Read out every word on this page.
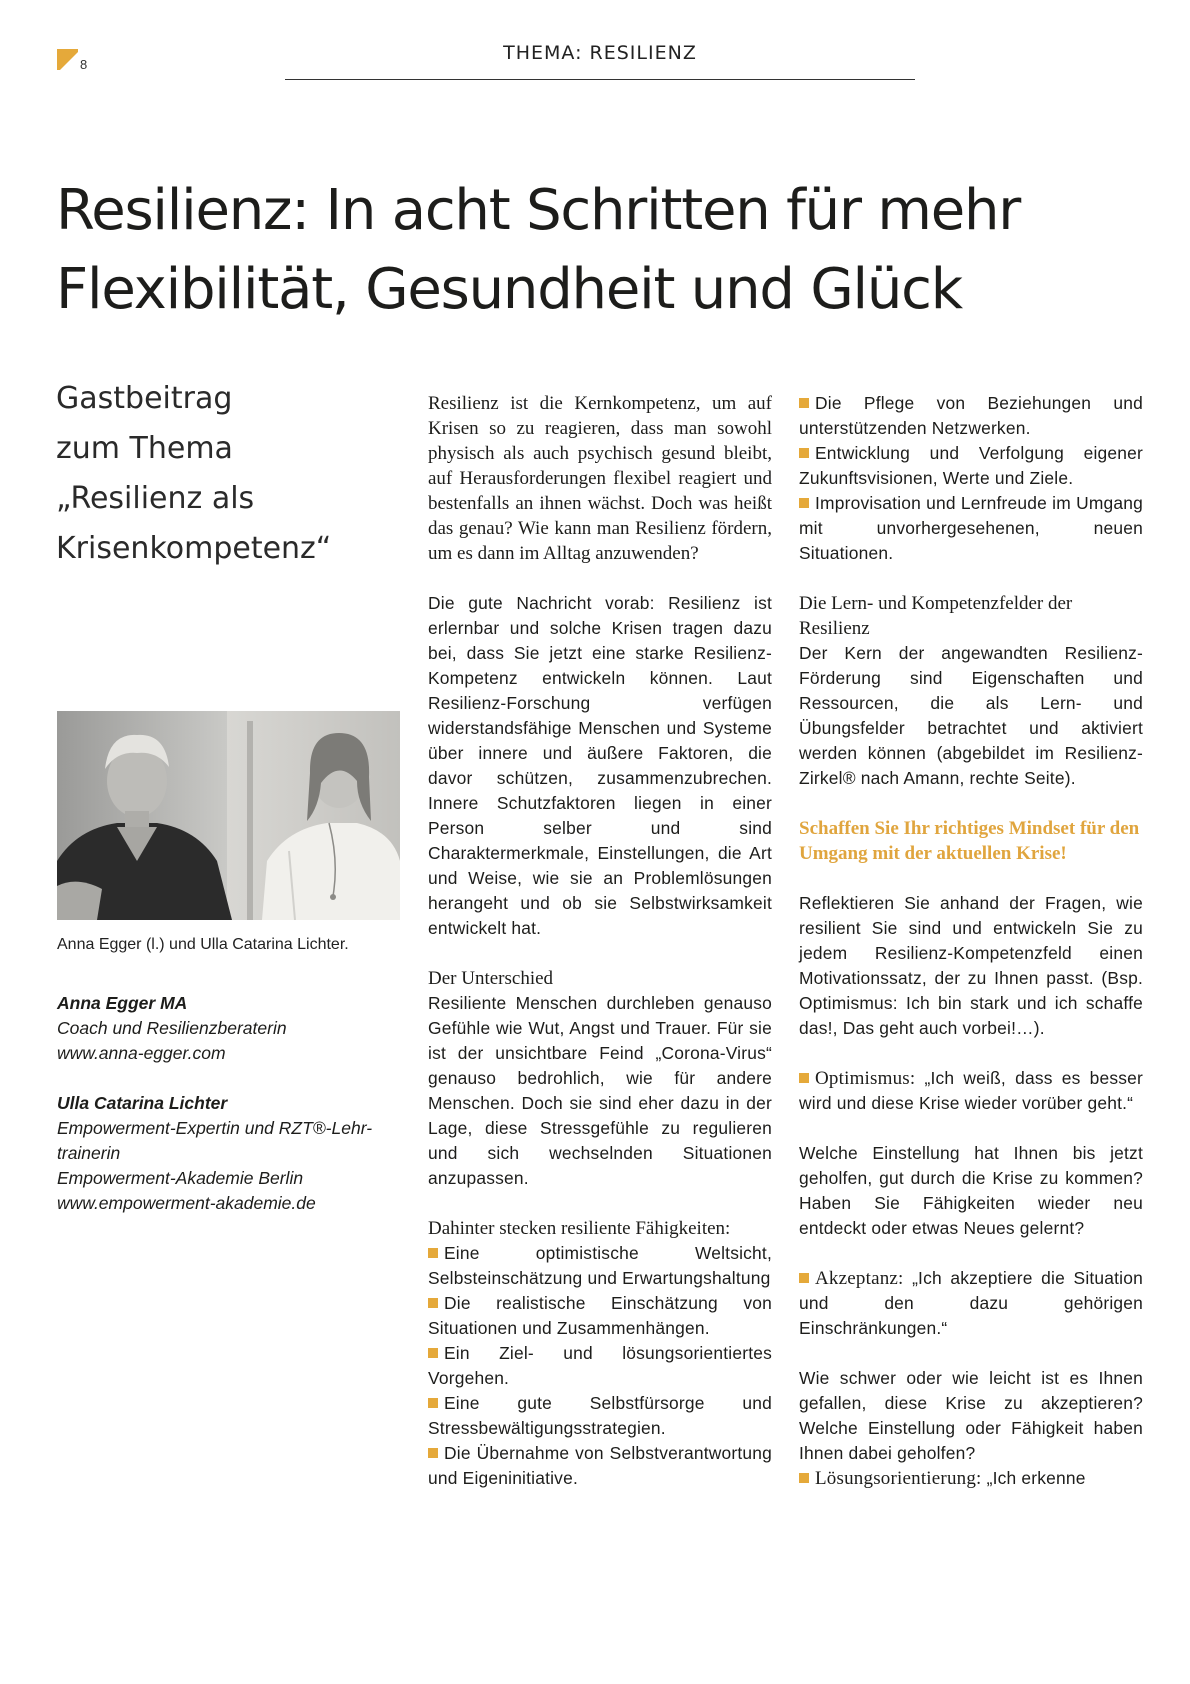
8
THEMA: RESILIENZ
Resilienz: In acht Schritten für mehr
Flexibilität, Gesundheit und Glück
Gastbeitrag
zum Thema
„Resilienz als
Krisenkompetenz“
Anna Egger (l.) und Ulla Catarina Lichter.
Anna Egger MA
Coach und Resilienzberaterin
www.anna-egger.com
Ulla Catarina Lichter
Empowerment-Expertin und RZT®-Lehr-
trainerin
Empowerment-Akademie Berlin
www.empowerment-akademie.de

Resilienz ist die Kernkompetenz, um auf Krisen so zu reagieren, dass man sowohl physisch als auch psychisch gesund bleibt, auf Herausforderungen flexibel reagiert und bestenfalls an ihnen wächst. Doch was heißt das genau? Wie kann man Resilienz fördern, um es dann im Alltag anzuwenden?

Die gute Nachricht vorab: Resilienz ist erlernbar und solche Krisen tragen dazu bei, dass Sie jetzt eine starke Resilienz-Kompetenz entwickeln können. Laut Resilienz-Forschung verfügen widerstandsfähige Menschen und Systeme über innere und äußere Faktoren, die davor schützen, zusammenzubrechen. Innere Schutzfaktoren liegen in einer Person selber und sind Charaktermerkmale, Einstellungen, die Art und Weise, wie sie an Problemlösungen herangeht und ob sie Selbstwirksamkeit entwickelt hat.

Der Unterschied

Resiliente Menschen durchleben genauso Gefühle wie Wut, Angst und Trauer. Für sie ist der unsichtbare Feind „Corona-Virus“ genauso bedrohlich, wie für andere Menschen. Doch sie sind eher dazu in der Lage, diese Stressgefühle zu regulieren und sich wechselnden Situationen anzupassen.

Dahinter stecken resiliente Fähigkeiten:

Eine optimistische Weltsicht, Selbsteinschätzung und Erwartungshaltung

Die realistische Einschätzung von Situationen und Zusammenhängen.

Ein Ziel- und lösungsorientiertes Vorgehen.

Eine gute Selbstfürsorge und Stressbewältigungsstrategien.

Die Übernahme von Selbstverantwortung und Eigeninitiative.

Die Pflege von Beziehungen und unterstützenden Netzwerken.

Entwicklung und Verfolgung eigener Zukunftsvisionen, Werte und Ziele.

Improvisation und Lernfreude im Umgang mit unvorhergesehenen, neuen Situationen.

Die Lern- und Kompetenzfelder der Resilienz

Der Kern der angewandten Resilienz-Förderung sind Eigenschaften und Ressourcen, die als Lern- und Übungsfelder betrachtet und aktiviert werden können (abgebildet im Resilienz-Zirkel® nach Amann, rechte Seite).

Schaffen Sie Ihr richtiges Mindset für den Umgang mit der aktuellen Krise!

Reflektieren Sie anhand der Fragen, wie resilient Sie sind und entwickeln Sie zu jedem Resilienz-Kompetenzfeld einen Motivationssatz, der zu Ihnen passt. (Bsp. Optimismus: Ich bin stark und ich schaffe das!, Das geht auch vorbei!…).

Optimismus: „Ich weiß, dass es besser wird und diese Krise wieder vorüber geht.“

Welche Einstellung hat Ihnen bis jetzt geholfen, gut durch die Krise zu kommen? Haben Sie Fähigkeiten wieder neu entdeckt oder etwas Neues gelernt?

Akzeptanz: „Ich akzeptiere die Situation und den dazu gehörigen Einschränkungen.“

Wie schwer oder wie leicht ist es Ihnen gefallen, diese Krise zu akzeptieren? Welche Einstellung oder Fähigkeit haben Ihnen dabei geholfen?

Lösungsorientierung: „Ich erkenne
